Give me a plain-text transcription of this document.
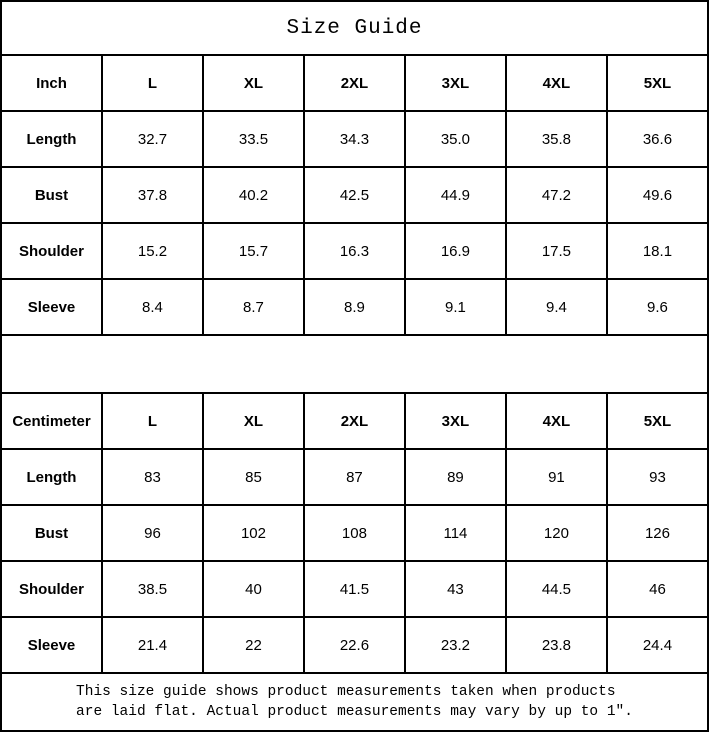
Size Guide						
Inch	L	XL	2XL	3XL	4XL	5XL
Length	32.7	33.5	34.3	35.0	35.8	36.6
Bust	37.8	40.2	42.5	44.9	47.2	49.6
Shoulder	15.2	15.7	16.3	16.9	17.5	18.1
Sleeve	8.4	8.7	8.9	9.1	9.4	9.6

Centimeter	L	XL	2XL	3XL	4XL	5XL
Length	83	85	87	89	91	93
Bust	96	102	108	114	120	126
Shoulder	38.5	40	41.5	43	44.5	46
Sleeve	21.4	22	22.6	23.2	23.8	24.4

This size guide shows product measurements taken when products
are laid flat. Actual product measurements may vary by up to 1″.						
